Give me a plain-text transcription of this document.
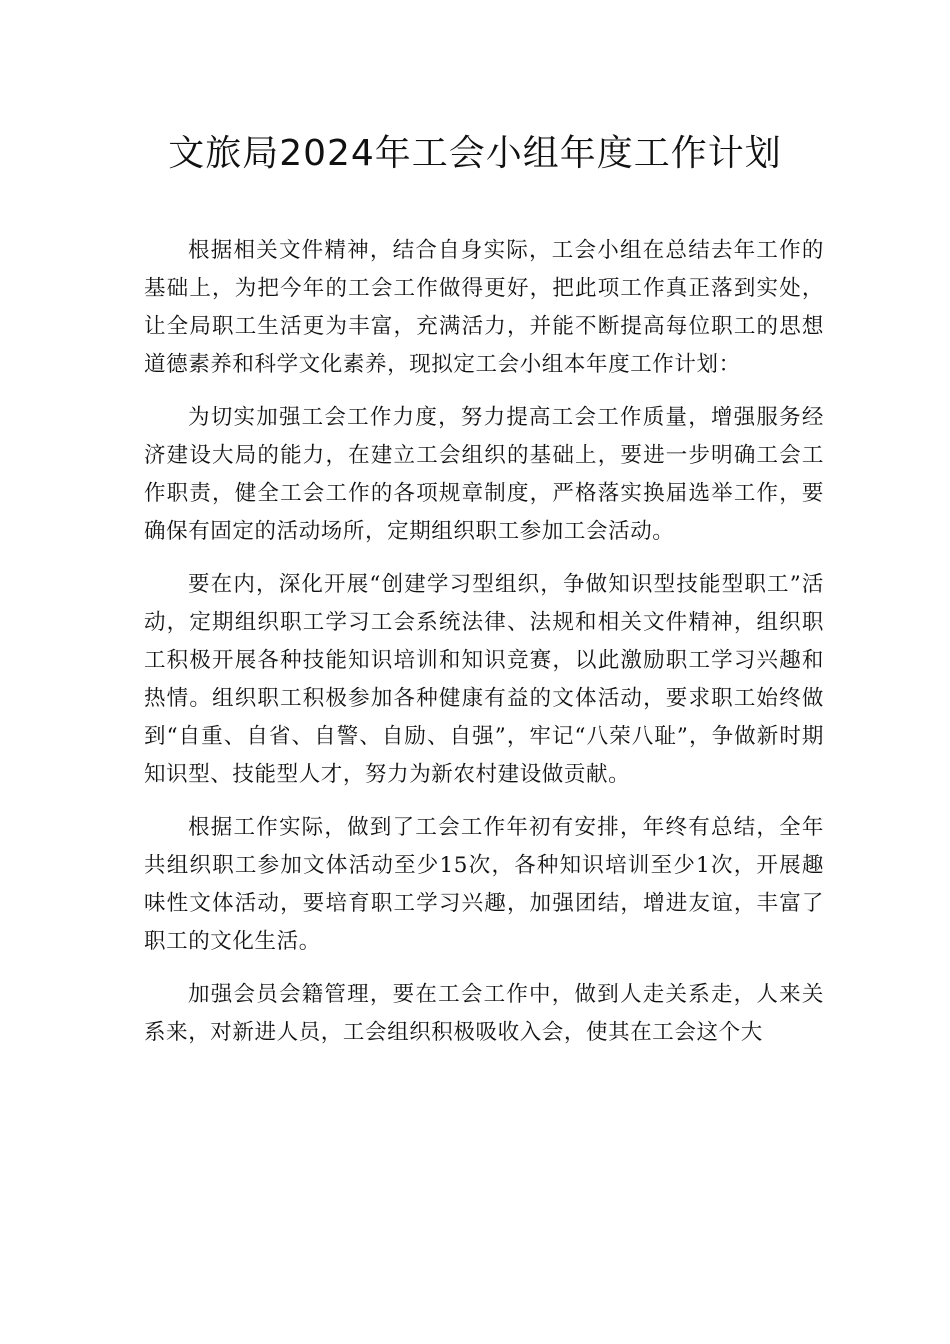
文旅局2024年工会小组年度工作计划

根据相关文件精神，结合自身实际，工会小组在总结去年工作的基础上，为把今年的工会工作做得更好，把此项工作真正落到实处，让全局职工生活更为丰富，充满活力，并能不断提高每位职工的思想道德素养和科学文化素养，现拟定工会小组本年度工作计划：

为切实加强工会工作力度，努力提高工会工作质量，增强服务经济建设大局的能力，在建立工会组织的基础上，要进一步明确工会工作职责，健全工会工作的各项规章制度，严格落实换届选举工作，要确保有固定的活动场所，定期组织职工参加工会活动。

要在内，深化开展“创建学习型组织，争做知识型技能型职工”活动，定期组织职工学习工会系统法律、法规和相关文件精神，组织职工积极开展各种技能知识培训和知识竞赛，以此激励职工学习兴趣和热情。组织职工积极参加各种健康有益的文体活动，要求职工始终做到“自重、自省、自警、自励、自强”，牢记“八荣八耻”，争做新时期知识型、技能型人才，努力为新农村建设做贡献。

根据工作实际，做到了工会工作年初有安排，年终有总结，全年共组织职工参加文体活动至少15次，各种知识培训至少1次，开展趣味性文体活动，要培育职工学习兴趣，加强团结，增进友谊，丰富了职工的文化生活。

加强会员会籍管理，要在工会工作中，做到人走关系走，人来关系来，对新进人员，工会组织积极吸收入会，使其在工会这个大
